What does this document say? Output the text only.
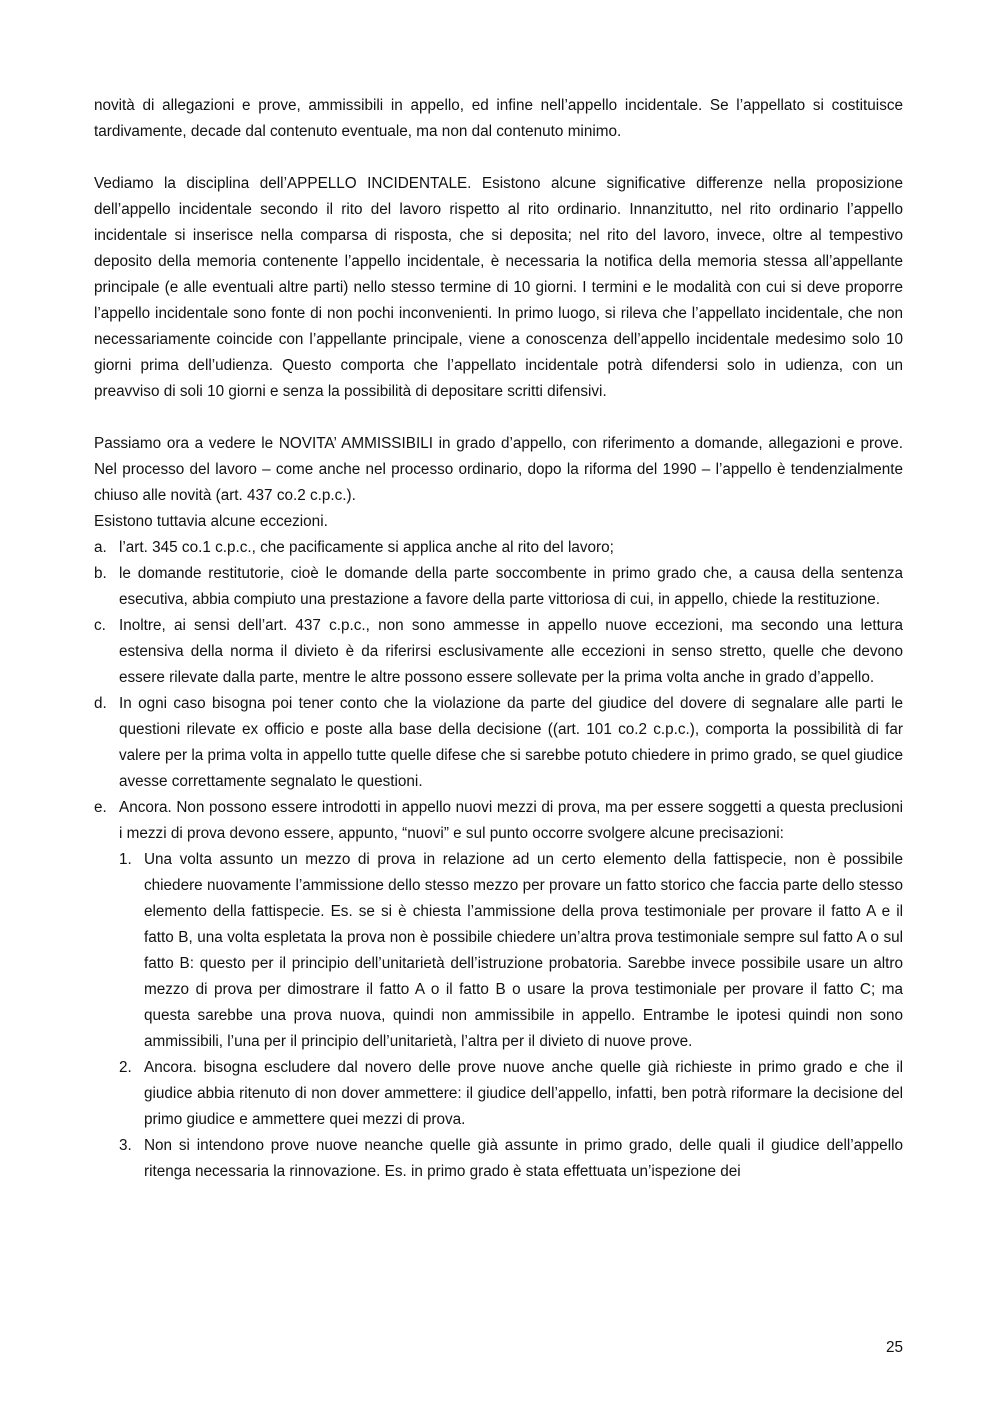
novità di allegazioni e prove, ammissibili in appello, ed infine nell’appello incidentale. Se l’appellato si costituisce tardivamente, decade dal contenuto eventuale, ma non dal contenuto minimo.

Vediamo la disciplina dell’APPELLO INCIDENTALE. Esistono alcune significative differenze nella proposizione dell’appello incidentale secondo il rito del lavoro rispetto al rito ordinario. Innanzitutto, nel rito ordinario l’appello incidentale si inserisce nella comparsa di risposta, che si deposita; nel rito del lavoro, invece, oltre al tempestivo deposito della memoria contenente l’appello incidentale, è necessaria la notifica della memoria stessa all’appellante principale (e alle eventuali altre parti) nello stesso termine di 10 giorni. I termini e le modalità con cui si deve proporre l’appello incidentale sono fonte di non pochi inconvenienti. In primo luogo, si rileva che l’appellato incidentale, che non necessariamente coincide con l’appellante principale, viene a conoscenza dell’appello incidentale medesimo solo 10 giorni prima dell’udienza. Questo comporta che l’appellato incidentale potrà difendersi solo in udienza, con un preavviso di soli 10 giorni e senza la possibilità di depositare scritti difensivi.

Passiamo ora a vedere le NOVITA’ AMMISSIBILI in grado d’appello, con riferimento a domande, allegazioni e prove. Nel processo del lavoro – come anche nel processo ordinario, dopo la riforma del 1990 – l’appello è tendenzialmente chiuso alle novità (art. 437 co.2 c.p.c.).

Esistono tuttavia alcune eccezioni.

a. l’art. 345 co.1 c.p.c., che pacificamente si applica anche al rito del lavoro;
b. le domande restitutorie, cioè le domande della parte soccombente in primo grado che, a causa della sentenza esecutiva, abbia compiuto una prestazione a favore della parte vittoriosa di cui, in appello, chiede la restituzione.
c. Inoltre, ai sensi dell’art. 437 c.p.c., non sono ammesse in appello nuove eccezioni, ma secondo una lettura estensiva della norma il divieto è da riferirsi esclusivamente alle eccezioni in senso stretto, quelle che devono essere rilevate dalla parte, mentre le altre possono essere sollevate per la prima volta anche in grado d’appello.
d. In ogni caso bisogna poi tener conto che la violazione da parte del giudice del dovere di segnalare alle parti le questioni rilevate ex officio e poste alla base della decisione ((art. 101 co.2 c.p.c.), comporta la possibilità di far valere per la prima volta in appello tutte quelle difese che si sarebbe potuto chiedere in primo grado, se quel giudice avesse correttamente segnalato le questioni.
e. Ancora. Non possono essere introdotti in appello nuovi mezzi di prova, ma per essere soggetti a questa preclusioni i mezzi di prova devono essere, appunto, “nuovi” e sul punto occorre svolgere alcune precisazioni:
1. Una volta assunto un mezzo di prova in relazione ad un certo elemento della fattispecie, non è possibile chiedere nuovamente l’ammissione dello stesso mezzo per provare un fatto storico che faccia parte dello stesso elemento della fattispecie. Es. se si è chiesta l’ammissione della prova testimoniale per provare il fatto A e il fatto B, una volta espletata la prova non è possibile chiedere un’altra prova testimoniale sempre sul fatto A o sul fatto B: questo per il principio dell’unitarietà dell’istruzione probatoria. Sarebbe invece possibile usare un altro mezzo di prova per dimostrare il fatto A o il fatto B o usare la prova testimoniale per provare il fatto C; ma questa sarebbe una prova nuova, quindi non ammissibile in appello. Entrambe le ipotesi quindi non sono ammissibili, l’una per il principio dell’unitarietà, l’altra per il divieto di nuove prove.
2. Ancora. bisogna escludere dal novero delle prove nuove anche quelle già richieste in primo grado e che il giudice abbia ritenuto di non dover ammettere: il giudice dell’appello, infatti, ben potrà riformare la decisione del primo giudice e ammettere quei mezzi di prova.
3. Non si intendono prove nuove neanche quelle già assunte in primo grado, delle quali il giudice dell’appello ritenga necessaria la rinnovazione. Es. in primo grado è stata effettuata un’ispezione dei
25
